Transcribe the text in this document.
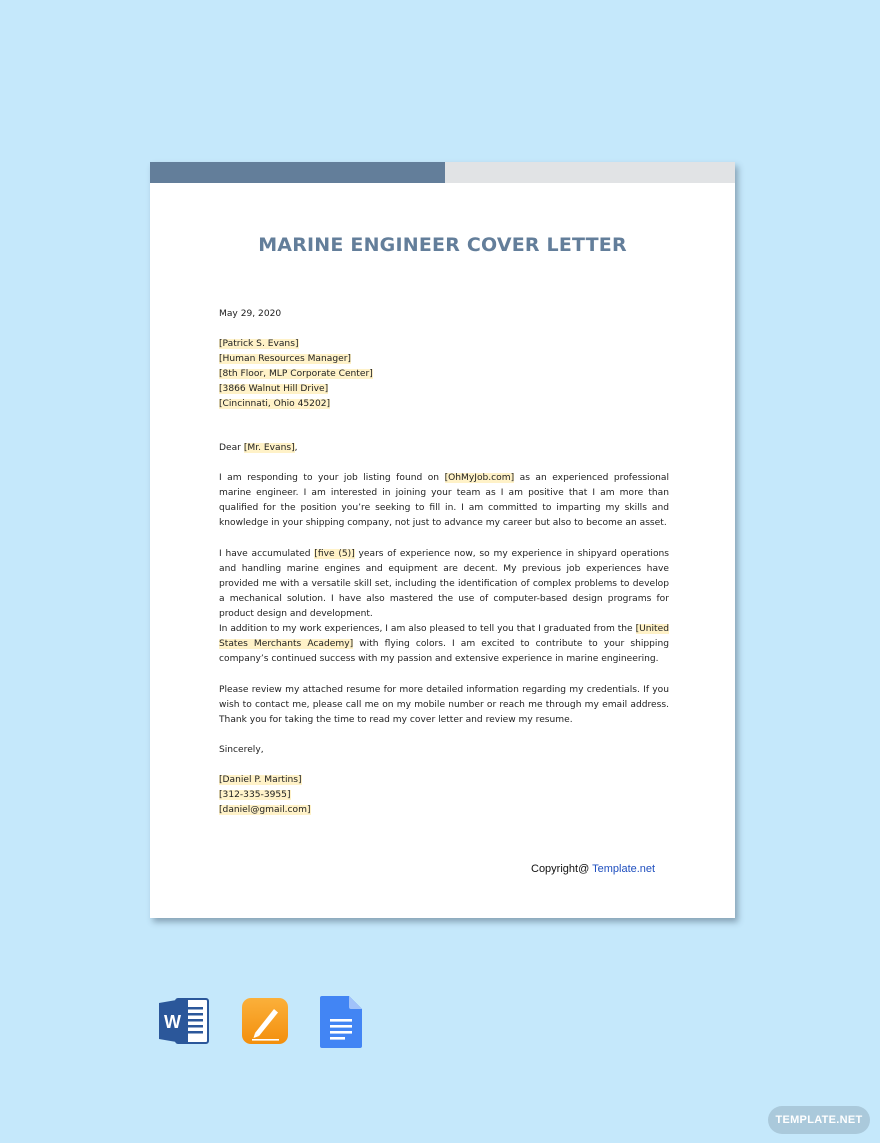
MARINE ENGINEER COVER LETTER
May 29, 2020
[Patrick S. Evans]
[Human Resources Manager]
[8th Floor, MLP Corporate Center]
[3866 Walnut Hill Drive]
[Cincinnati, Ohio 45202]
Dear [Mr. Evans],

I am responding to your job listing found on [OhMyJob.com] as an experienced professional marine engineer. I am interested in joining your team as I am positive that I am more than qualified for the position you’re seeking to fill in. I am committed to imparting my skills and knowledge in your shipping company, not just to advance my career but also to become an asset.

I have accumulated [five (5)] years of experience now, so my experience in shipyard operations and handling marine engines and equipment are decent. My previous job experiences have provided me with a versatile skill set, including the identification of complex problems to develop a mechanical solution. I have also mastered the use of computer-based design programs for product design and development.

In addition to my work experiences, I am also pleased to tell you that I graduated from the [United States Merchants Academy] with flying colors. I am excited to contribute to your shipping company’s continued success with my passion and extensive experience in marine engineering.

Please review my attached resume for more detailed information regarding my credentials. If you wish to contact me, please call me on my mobile number or reach me through my email address. Thank you for taking the time to read my cover letter and review my resume.

Sincerely,
[Daniel P. Martins]
[312-335-3955]
[daniel@gmail.com]
Copyright@ Template.net
W
TEMPLATE.NET
